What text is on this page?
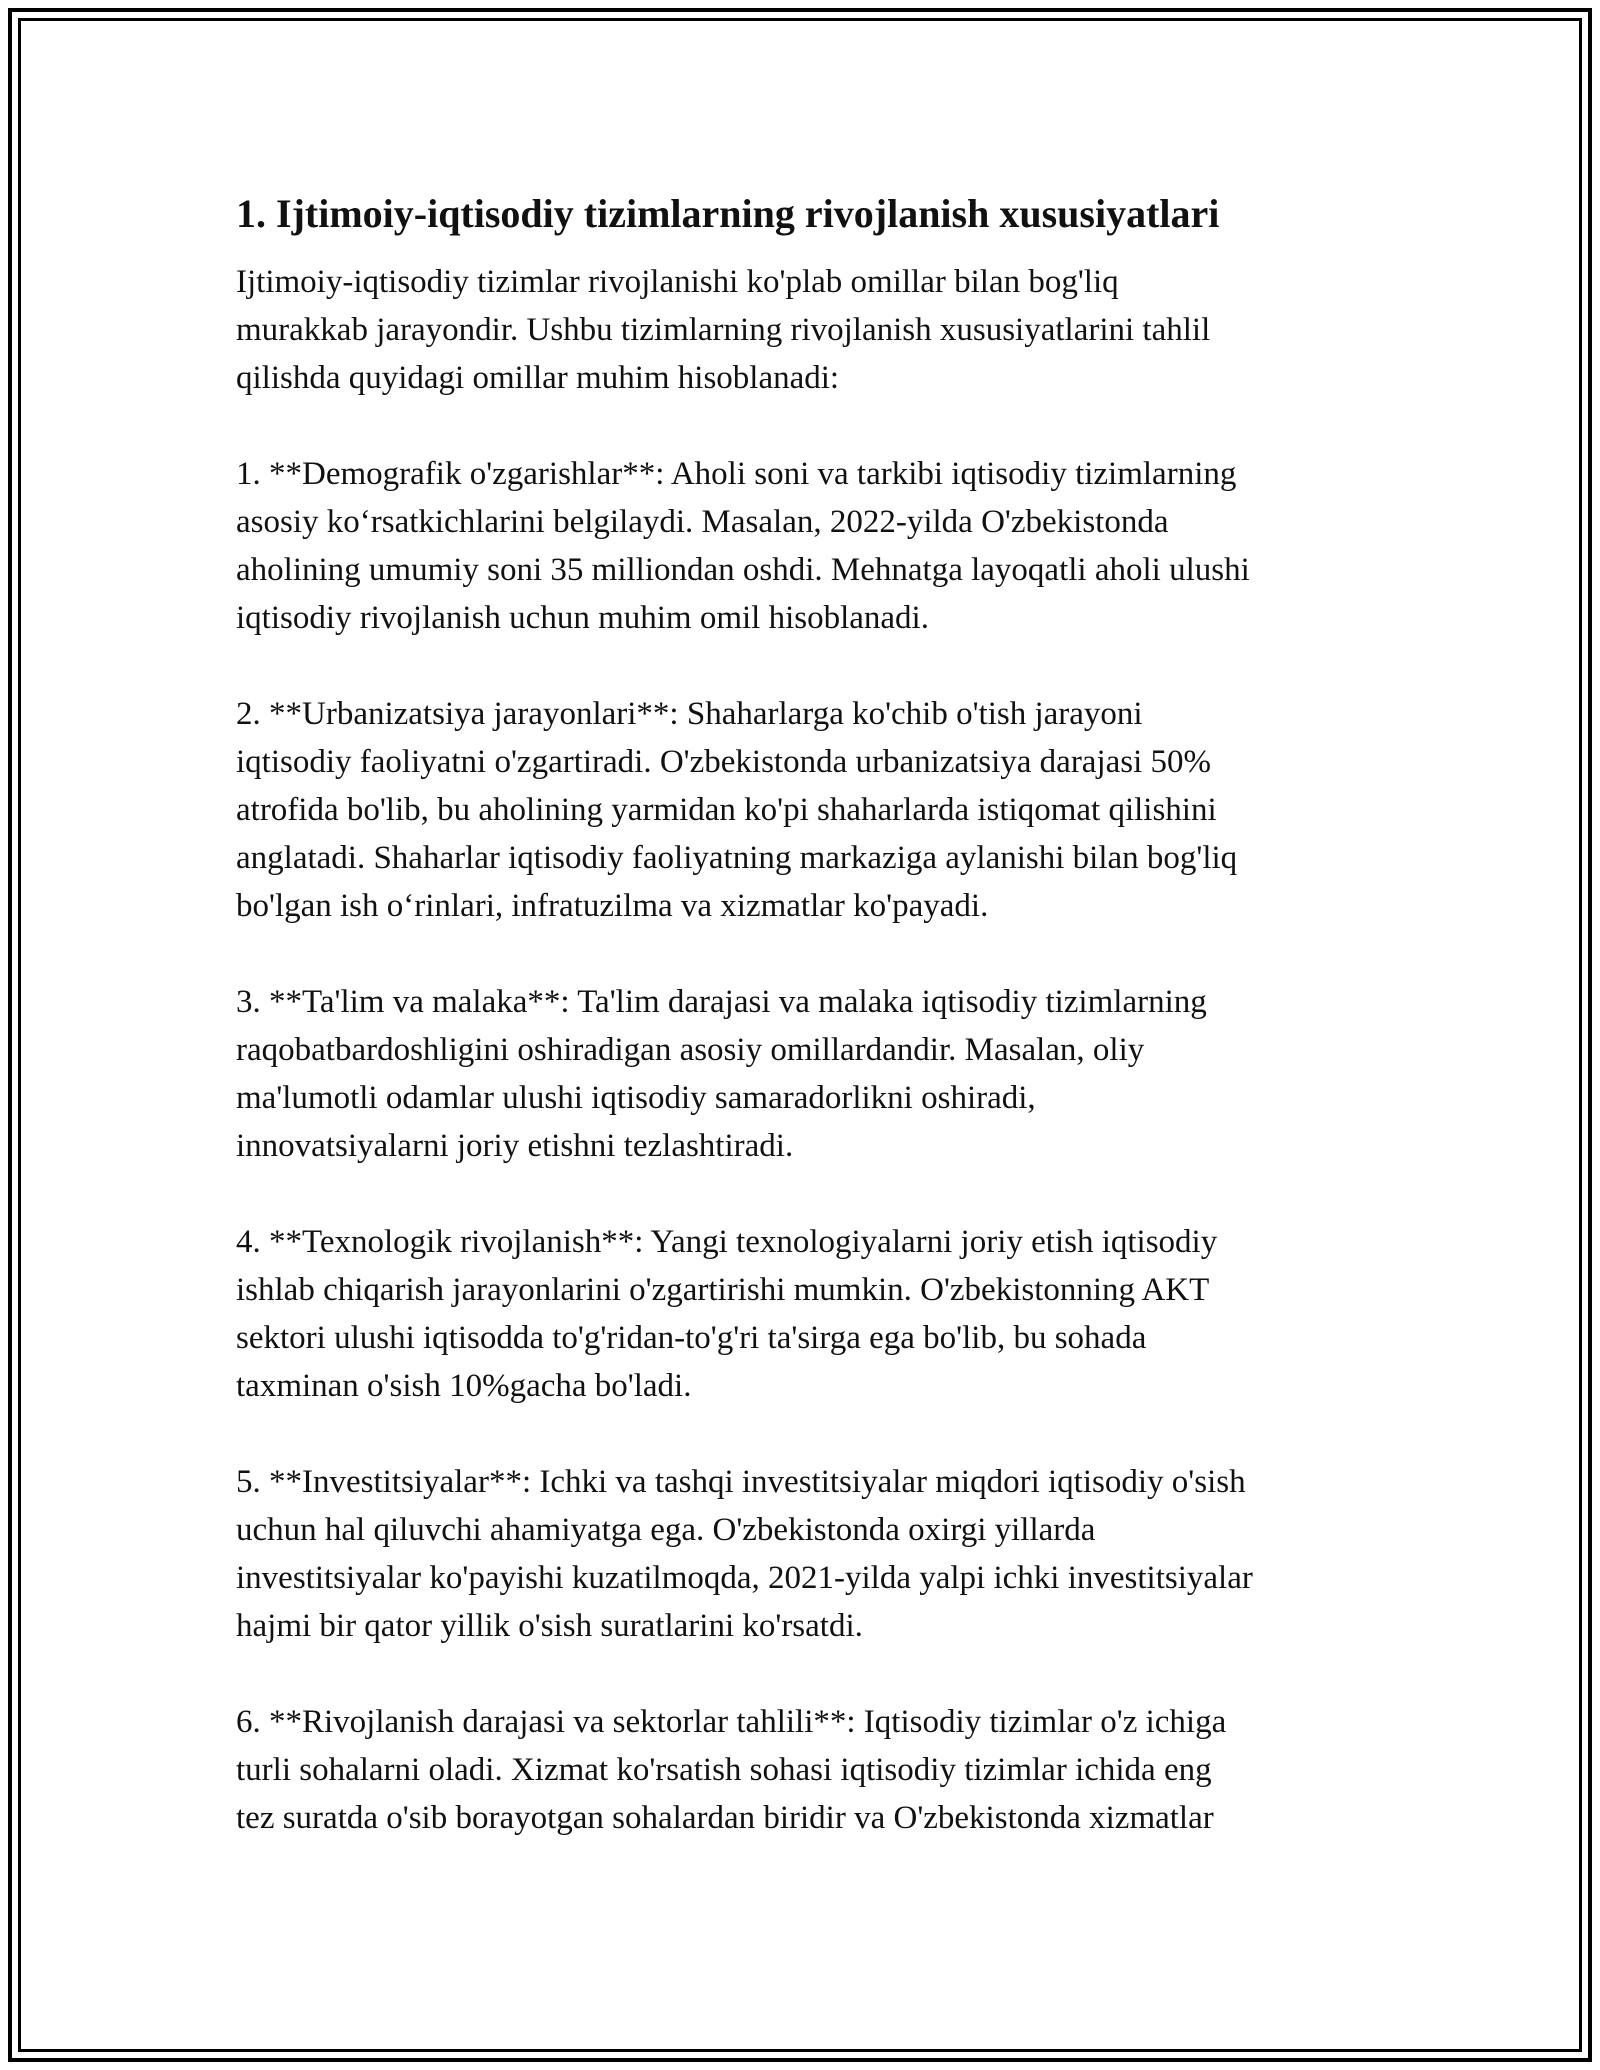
1. Ijtimoiy-iqtisodiy tizimlarning rivojlanish xususiyatlari

Ijtimoiy-iqtisodiy tizimlar rivojlanishi ko'plab omillar bilan bog'liq
murakkab jarayondir. Ushbu tizimlarning rivojlanish xususiyatlarini tahlil
qilishda quyidagi omillar muhim hisoblanadi:

1. **Demografik o'zgarishlar**: Aholi soni va tarkibi iqtisodiy tizimlarning
asosiy koʻrsatkichlarini belgilaydi. Masalan, 2022-yilda O'zbekistonda
aholining umumiy soni 35 milliondan oshdi. Mehnatga layoqatli aholi ulushi
iqtisodiy rivojlanish uchun muhim omil hisoblanadi.

2. **Urbanizatsiya jarayonlari**: Shaharlarga ko'chib o'tish jarayoni
iqtisodiy faoliyatni o'zgartiradi. O'zbekistonda urbanizatsiya darajasi 50%
atrofida bo'lib, bu aholining yarmidan ko'pi shaharlarda istiqomat qilishini
anglatadi. Shaharlar iqtisodiy faoliyatning markaziga aylanishi bilan bog'liq
bo'lgan ish oʻrinlari, infratuzilma va xizmatlar ko'payadi.

3. **Ta'lim va malaka**: Ta'lim darajasi va malaka iqtisodiy tizimlarning
raqobatbardoshligini oshiradigan asosiy omillardandir. Masalan, oliy
ma'lumotli odamlar ulushi iqtisodiy samaradorlikni oshiradi,
innovatsiyalarni joriy etishni tezlashtiradi.

4. **Texnologik rivojlanish**: Yangi texnologiyalarni joriy etish iqtisodiy
ishlab chiqarish jarayonlarini o'zgartirishi mumkin. O'zbekistonning AKT
sektori ulushi iqtisodda to'g'ridan-to'g'ri ta'sirga ega bo'lib, bu sohada
taxminan o'sish 10%gacha bo'ladi.

5. **Investitsiyalar**: Ichki va tashqi investitsiyalar miqdori iqtisodiy o'sish
uchun hal qiluvchi ahamiyatga ega. O'zbekistonda oxirgi yillarda
investitsiyalar ko'payishi kuzatilmoqda, 2021-yilda yalpi ichki investitsiyalar
hajmi bir qator yillik o'sish suratlarini ko'rsatdi.

6. **Rivojlanish darajasi va sektorlar tahlili**: Iqtisodiy tizimlar o'z ichiga
turli sohalarni oladi. Xizmat ko'rsatish sohasi iqtisodiy tizimlar ichida eng
tez suratda o'sib borayotgan sohalardan biridir va O'zbekistonda xizmatlar
